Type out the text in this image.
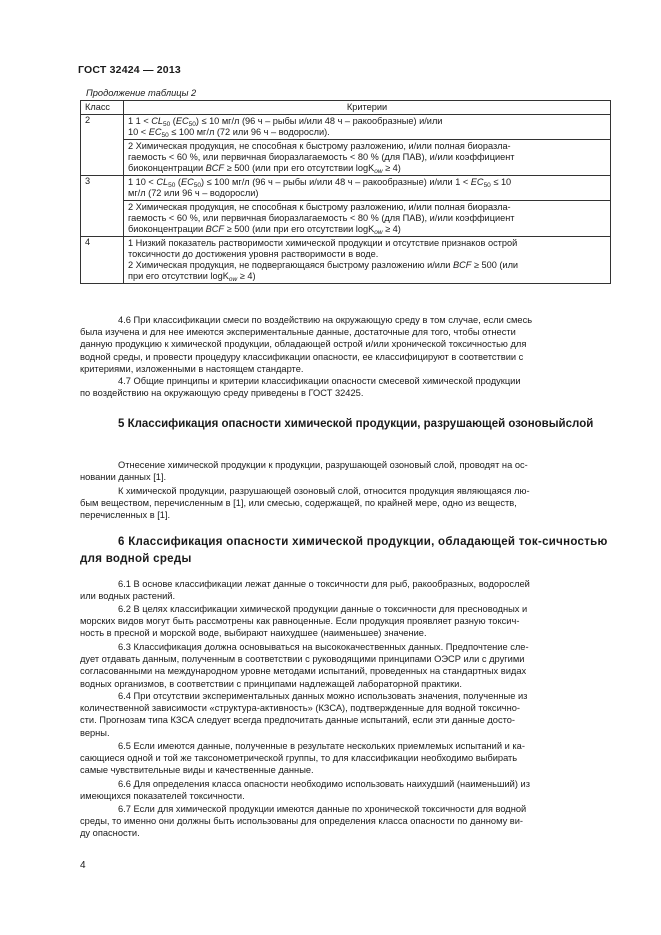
ГОСТ 32424 — 2013
Продолжение таблицы 2
Класс	Критерии
2	1 $1 < CL_{50}$ $(EC_{50}) \le 10$ мг/л (96 ч – рыбы и/или 48 ч – ракообразные) и/или
$10 < EC_{50} \le 100$ мг/л (72 или 96 ч – водоросли).

	2 Химическая продукция, не способная к быстрому разложению, и/или полная биоразла-
гаемость < 60 %, или первичная биоразлагаемость < 80 % (для ПАВ), и/или коэффициент
биоконцентрации BCF ≥ 500 (или при его отсутствии logK$_{ow}$ ≥ 4)

3	1 $10 < CL_{50}$ $(EC_{50}) \le 100$ мг/л (96 ч – рыбы и/или 48 ч – ракообразные) и/или $1 < EC_{50} \le 10$
мг/л (72 или 96 ч – водоросли)

	2 Химическая продукция, не способная к быстрому разложению, и/или полная биоразла-
гаемость < 60 %, или первичная биоразлагаемость < 80 % (для ПАВ), и/или коэффициент
биоконцентрации BCF ≥ 500 (или при его отсутствии logK$_{ow}$ ≥ 4)

4	1 Низкий показатель растворимости химической продукции и отсутствие признаков острой
токсичности до достижения уровня растворимости в воде.
2 Химическая продукция, не подвергающаяся быстрому разложению и/или BCF ≥ 500 (или
при его отсутствии logK$_{ow}$ ≥ 4)
4.6 При классификации смеси по воздействию на окружающую среду в том случае, если смесь
была изучена и для нее имеются экспериментальные данные, достаточные для того, чтобы отнести
данную продукцию к химической продукции, обладающей острой и/или хронической токсичностью для
водной среды, и провести процедуру классификации опасности, ее классифицируют в соответствии с
критериями, изложенными в настоящем стандарте.
4.7 Общие принципы и критерии классификации опасности смесевой химической продукции
по воздействию на окружающую среду приведены в ГОСТ 32425.
5 Классификация опасности химической продукции, разрушающей озоновыйслой
Отнесение химической продукции к продукции, разрушающей озоновый слой, проводят на ос-
новании данных [1].
К химической продукции, разрушающей озоновый слой, относится продукция являющаяся лю-
бым веществом, перечисленным в [1], или смесью, содержащей, по крайней мере, одно из веществ,
перечисленных в [1].
6 Классификация опасности химической продукции, обладающей ток-сичностью для водной среды
6.1 В основе классификации лежат данные о токсичности для рыб, ракообразных, водорослей
или водных растений.
6.2 В целях классификации химической продукции данные о токсичности для пресноводных и
морских видов могут быть рассмотрены как равноценные. Если продукция проявляет разную токсич-
ность в пресной и морской воде, выбирают наихудшее (наименьшее) значение.
6.3 Классификация должна основываться на высококачественных данных. Предпочтение сле-
дует отдавать данным, полученным в соответствии с руководящими принципами ОЭСР или с другими
согласованными на международном уровне методами испытаний, проведенных на стандартных видах
водных организмов, в соответствии с принципами надлежащей лабораторной практики.
6.4 При отсутствии экспериментальных данных можно использовать значения, полученные из
количественной зависимости «структура-активность» (КЗСА), подтвержденные для водной токсично-
сти. Прогнозам типа КЗСА следует всегда предпочитать данные испытаний, если эти данные досто-
верны.
6.5 Если имеются данные, полученные в результате нескольких приемлемых испытаний и ка-
сающиеся одной и той же таксонометрической группы, то для классификации необходимо выбирать
самые чувствительные виды и качественные данные.
6.6 Для определения класса опасности необходимо использовать наихудший (наименьший) из
имеющихся показателей токсичности.
6.7 Если для химической продукции имеются данные по хронической токсичности для водной
среды, то именно они должны быть использованы для определения класса опасности по данному ви-
ду опасности.
4
